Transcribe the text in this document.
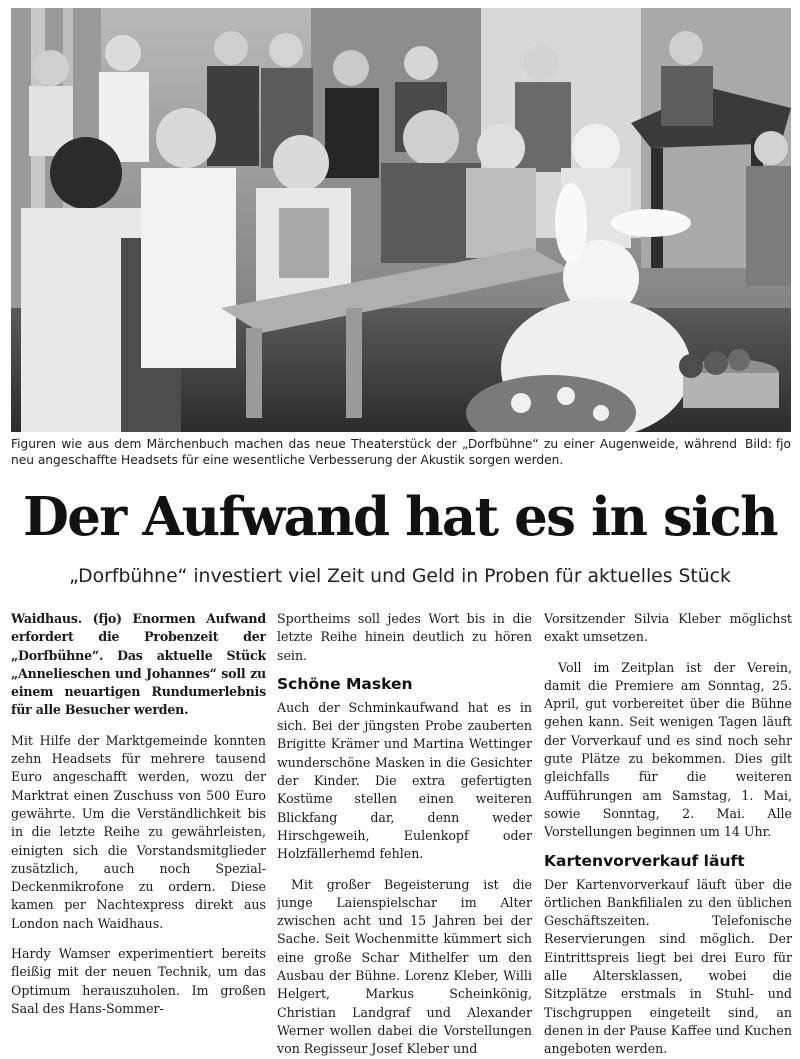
Bild: fjo
Figuren wie aus dem Märchenbuch machen das neue Theaterstück der „Dorfbühne“ zu einer Augenweide, während neu angeschaffte Headsets für eine wesentliche Verbesserung der Akustik sorgen werden.
Der Aufwand hat es in sich
„Dorfbühne“ investiert viel Zeit und Geld in Proben für aktuelles Stück

Waidhaus. (fjo) Enormen Aufwand erfordert die Probenzeit der „Dorfbühne“. Das aktuelle Stück „Annelieschen und Johannes“ soll zu einem neuartigen Rundumerlebnis für alle Besucher werden.

Mit Hilfe der Marktgemeinde konnten zehn Headsets für mehrere tausend Euro angeschafft werden, wozu der Marktrat einen Zuschuss von 500 Euro gewährte. Um die Verständlichkeit bis in die letzte Reihe zu gewährleisten, einigten sich die Vorstandsmitglieder zusätzlich, auch noch Spezial-Deckenmikrofone zu ordern. Diese kamen per Nachtexpress direkt aus London nach Waidhaus.

Hardy Wamser experimentiert bereits fleißig mit der neuen Technik, um das Optimum herauszuholen. Im großen Saal des Hans-Sommer-

Sportheims soll jedes Wort bis in die letzte Reihe hinein deutlich zu hören sein.

Schöne Masken

Auch der Schminkaufwand hat es in sich. Bei der jüngsten Probe zauberten Brigitte Krämer und Martina Wettinger wunderschöne Masken in die Gesichter der Kinder. Die extra gefertigten Kostüme stellen einen weiteren Blickfang dar, denn weder Hirschgeweih, Eulenkopf oder Holzfällerhemd fehlen.

Mit großer Begeisterung ist die junge Laienspielschar im Alter zwischen acht und 15 Jahren bei der Sache. Seit Wochenmitte kümmert sich eine große Schar Mithelfer um den Ausbau der Bühne. Lorenz Kleber, Willi Helgert, Markus Scheinkönig, Christian Landgraf und Alexander Werner wollen dabei die Vorstellungen von Regisseur Josef Kleber und

Vorsitzender Silvia Kleber möglichst exakt umsetzen.

Voll im Zeitplan ist der Verein, damit die Premiere am Sonntag, 25. April, gut vorbereitet über die Bühne gehen kann. Seit wenigen Tagen läuft der Vorverkauf und es sind noch sehr gute Plätze zu bekommen. Dies gilt gleichfalls für die weiteren Aufführungen am Samstag, 1. Mai, sowie Sonntag, 2. Mai. Alle Vorstellungen beginnen um 14 Uhr.

Kartenvorverkauf läuft

Der Kartenvorverkauf läuft über die örtlichen Bankfilialen zu den üblichen Geschäftszeiten. Telefonische Reservierungen sind möglich. Der Eintrittspreis liegt bei drei Euro für alle Altersklassen, wobei die Sitzplätze erstmals in Stuhl- und Tischgruppen eingeteilt sind, an denen in der Pause Kaffee und Kuchen angeboten werden.
